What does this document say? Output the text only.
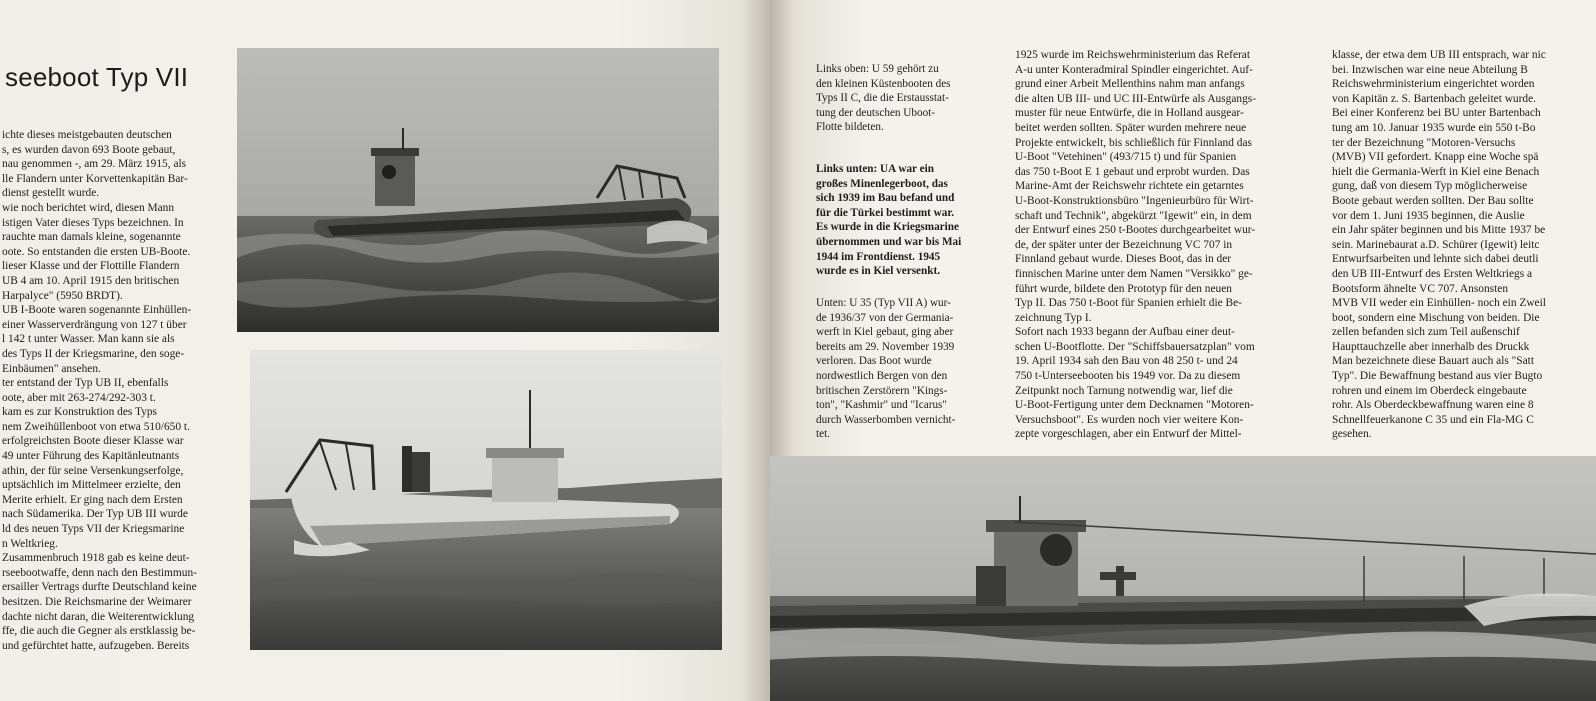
seeboot Typ VII
ichte dieses meistgebauten deutschen
s, es wurden davon 693 Boote gebaut,
nau genommen -, am 29. März 1915, als
lle Flandern unter Korvettenkapitän Bar-
dienst gestellt wurde.
wie noch berichtet wird, diesen Mann
istigen Vater dieses Typs bezeichnen. In
rauchte man damals kleine, sogenannte
oote. So entstanden die ersten UB-Boote.
lieser Klasse und der Flottille Flandern
UB 4 am 10. April 1915 den britischen
Harpalyce" (5950 BRDT).
UB I-Boote waren sogenannte Einhüllen-
einer Wasserverdrängung von 127 t über
l 142 t unter Wasser. Man kann sie als
des Typs II der Kriegsmarine, den soge-
Einbäumen" ansehen.
ter entstand der Typ UB II, ebenfalls
oote, aber mit 263-274/292-303 t.
kam es zur Konstruktion des Typs
nem Zweihüllenboot von etwa 510/650 t.
erfolgreichsten Boote dieser Klasse war
49 unter Führung des Kapitänleutnants
athin, der für seine Versenkungserfolge,
uptsächlich im Mittelmeer erzielte, den
Merite erhielt. Er ging nach dem Ersten
nach Südamerika. Der Typ UB III wurde
ld des neuen Typs VII der Kriegsmarine
n Weltkrieg.
Zusammenbruch 1918 gab es keine deut-
rseebootwaffe, denn nach den Bestimmun-
ersailler Vertrags durfte Deutschland keine
besitzen. Die Reichsmarine der Weimarer
dachte nicht daran, die Weiterentwicklung
ffe, die auch die Gegner als erstklassig be-
und gefürchtet hatte, aufzugeben. Bereits
Links oben: U 59 gehört zu
den kleinen Küstenbooten des
Typs II C, die die Erstausstat-
tung der deutschen Uboot-
Flotte bildeten.
Links unten: UA war ein
großes Minenlegerboot, das
sich 1939 im Bau befand und
für die Türkei bestimmt war.
Es wurde in die Kriegsmarine
übernommen und war bis Mai
1944 im Frontdienst. 1945
wurde es in Kiel versenkt.
Unten: U 35 (Typ VII A) wur-
de 1936/37 von der Germania-
werft in Kiel gebaut, ging aber
bereits am 29. November 1939
verloren. Das Boot wurde
nordwestlich Bergen von den
britischen Zerstörern "Kings-
ton", "Kashmir" und "Icarus"
durch Wasserbomben vernicht-
tet.
1925 wurde im Reichswehrministerium das Referat
A-u unter Konteradmiral Spindler eingerichtet. Auf-
grund einer Arbeit Mellenthins nahm man anfangs
die alten UB III- und UC III-Entwürfe als Ausgangs-
muster für neue Entwürfe, die in Holland ausgear-
beitet werden sollten. Später wurden mehrere neue
Projekte entwickelt, bis schließlich für Finnland das
U-Boot "Vetehinen" (493/715 t) und für Spanien
das 750 t-Boot E 1 gebaut und erprobt wurden. Das
Marine-Amt der Reichswehr richtete ein getarntes
U-Boot-Konstruktionsbüro "Ingenieurbüro für Wirt-
schaft und Technik", abgekürzt "Igewit" ein, in dem
der Entwurf eines 250 t-Bootes durchgearbeitet wur-
de, der später unter der Bezeichnung VC 707 in
Finnland gebaut wurde. Dieses Boot, das in der
finnischen Marine unter dem Namen "Versikko" ge-
führt wurde, bildete den Prototyp für den neuen
Typ II. Das 750 t-Boot für Spanien erhielt die Be-
zeichnung Typ I.
Sofort nach 1933 begann der Aufbau einer deut-
schen U-Bootflotte. Der "Schiffsbauersatzplan" vom
19. April 1934 sah den Bau von 48 250 t- und 24
750 t-Unterseebooten bis 1949 vor. Da zu diesem
Zeitpunkt noch Tarnung notwendig war, lief die
U-Boot-Fertigung unter dem Decknamen "Motoren-
Versuchsboot". Es wurden noch vier weitere Kon-
zepte vorgeschlagen, aber ein Entwurf der Mittel-
klasse, der etwa dem UB III entsprach, war nic
bei. Inzwischen war eine neue Abteilung B
Reichswehrministerium eingerichtet worden
von Kapitän z. S. Bartenbach geleitet wurde.
Bei einer Konferenz bei BU unter Bartenbach
tung am 10. Januar 1935 wurde ein 550 t-Bo
ter der Bezeichnung "Motoren-Versuchs
(MVB) VII gefordert. Knapp eine Woche spä
hielt die Germania-Werft in Kiel eine Benach
gung, daß von diesem Typ möglicherweise
Boote gebaut werden sollten. Der Bau sollte
vor dem 1. Juni 1935 beginnen, die Auslie
ein Jahr später beginnen und bis Mitte 1937 be
sein. Marinebaurat a.D. Schürer (Igewit) leitc
Entwurfsarbeiten und lehnte sich dabei deutli
den UB III-Entwurf des Ersten Weltkriegs a
Bootsform ähnelte VC 707. Ansonsten
MVB VII weder ein Einhüllen- noch ein Zweil
boot, sondern eine Mischung von beiden. Die
zellen befanden sich zum Teil außenschif
Haupttauchzelle aber innerhalb des Druckk
Man bezeichnete diese Bauart auch als "Satt
Typ". Die Bewaffnung bestand aus vier Bugto
rohren und einem im Oberdeck eingebaute
rohr. Als Oberdeckbewaffnung waren eine 8
Schnellfeuerkanone C 35 und ein Fla-MG C
gesehen.
